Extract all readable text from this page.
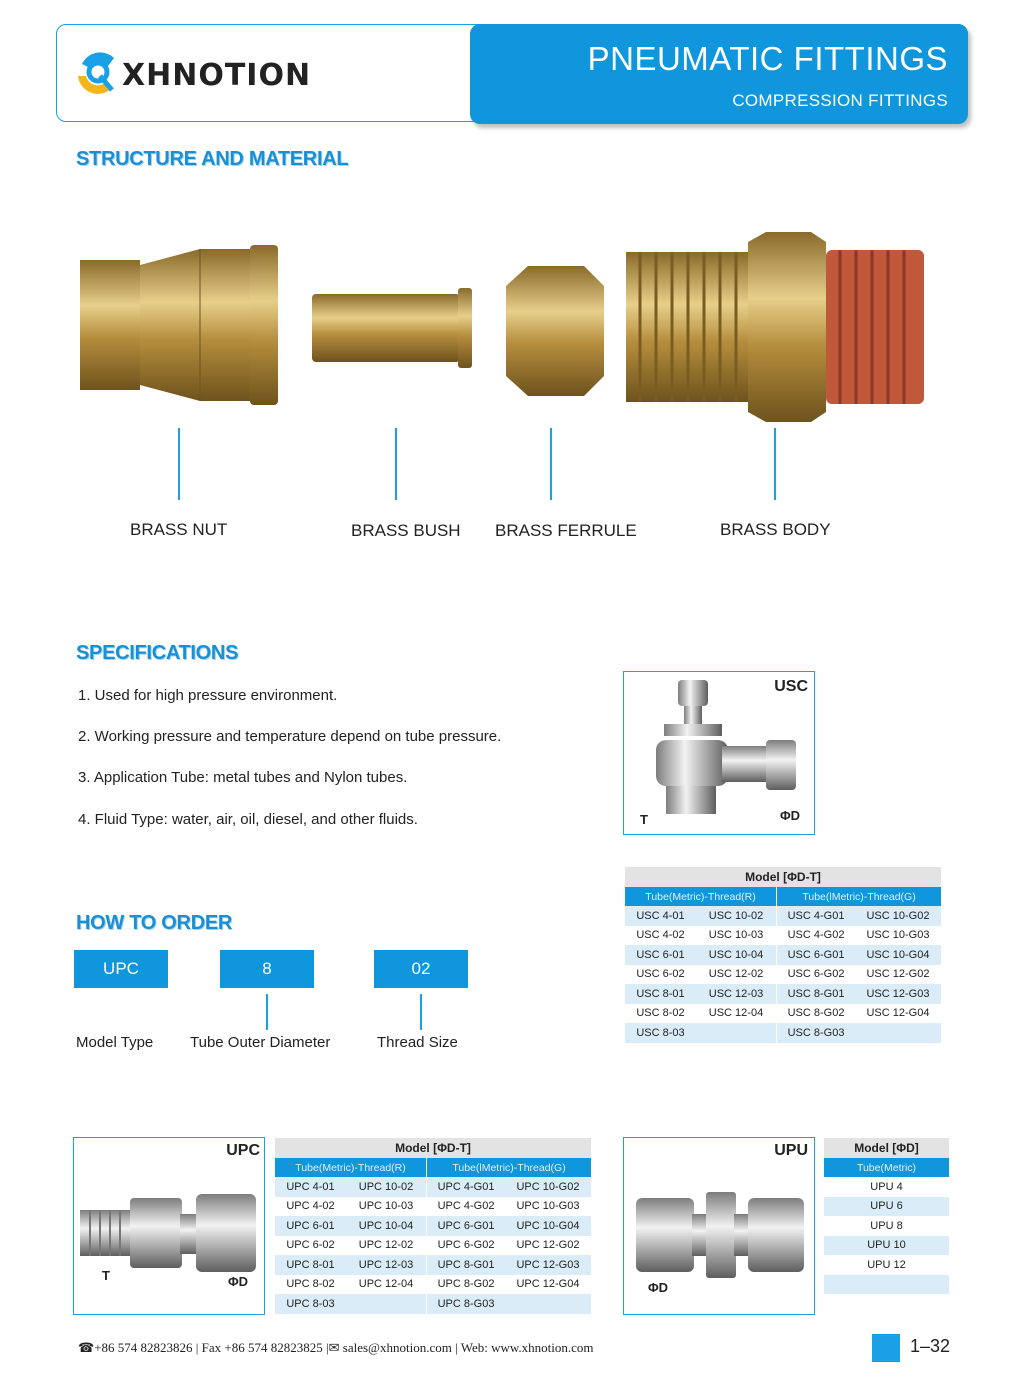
XHNOTION	PNEUMATIC FITTINGS
COMPRESSION FITTINGS
STRUCTURE AND MATERIAL
BRASS NUT	BRASS BUSH BRASS FERRULE	BRASS BODY
SPECIFICATIONS
1. Used for high pressure environment.
2. Working pressure and temperature depend on tube pressure.
3. Application Tube: metal tubes and Nylon tubes.
4. Fluid Type: water, air, oil, diesel, and other fluids.
USC
T	ΦD
Model [ΦD-T]			
Tube(Metric)-Thread(R)		Tube(lMetric)-Thread(G)	
USC 4-01	USC 10-02	USC 4-G01	USC 10-G02
USC 4-02	USC 10-03	USC 4-G02	USC 10-G03
USC 6-01	USC 10-04	USC 6-G01	USC 10-G04
USC 6-02	USC 12-02	USC 6-G02	USC 12-G02
USC 8-01	USC 12-03	USC 8-G01	USC 12-G03
USC 8-02	USC 12-04	USC 8-G02	USC 12-G04
USC 8-03		USC 8-G03	
HOW TO ORDER
UPC	8	02
Model Type Tube Outer Diameter	Thread Size
UPC
T	ΦD
Model [ΦD-T]			
Tube(Metric)-Thread(R)		Tube(lMetric)-Thread(G)	
UPC 4-01	UPC 10-02	UPC 4-G01	UPC 10-G02
UPC 4-02	UPC 10-03	UPC 4-G02	UPC 10-G03
UPC 6-01	UPC 10-04	UPC 6-G01	UPC 10-G04
UPC 6-02	UPC 12-02	UPC 6-G02	UPC 12-G02
UPC 8-01	UPC 12-03	UPC 8-G01	UPC 12-G03
UPC 8-02	UPC 12-04	UPC 8-G02	UPC 12-G04
UPC 8-03		UPC 8-G03	
UPU
ΦD
Model [ΦD]
Tube(Metric)
UPU 4
UPU 6
UPU 8
UPU 10
UPU 12

☎+86 574 82823826 | Fax +86 574 82823825 |✉ sales@xhnotion.com | Web: www.xhnotion.com	1–32
